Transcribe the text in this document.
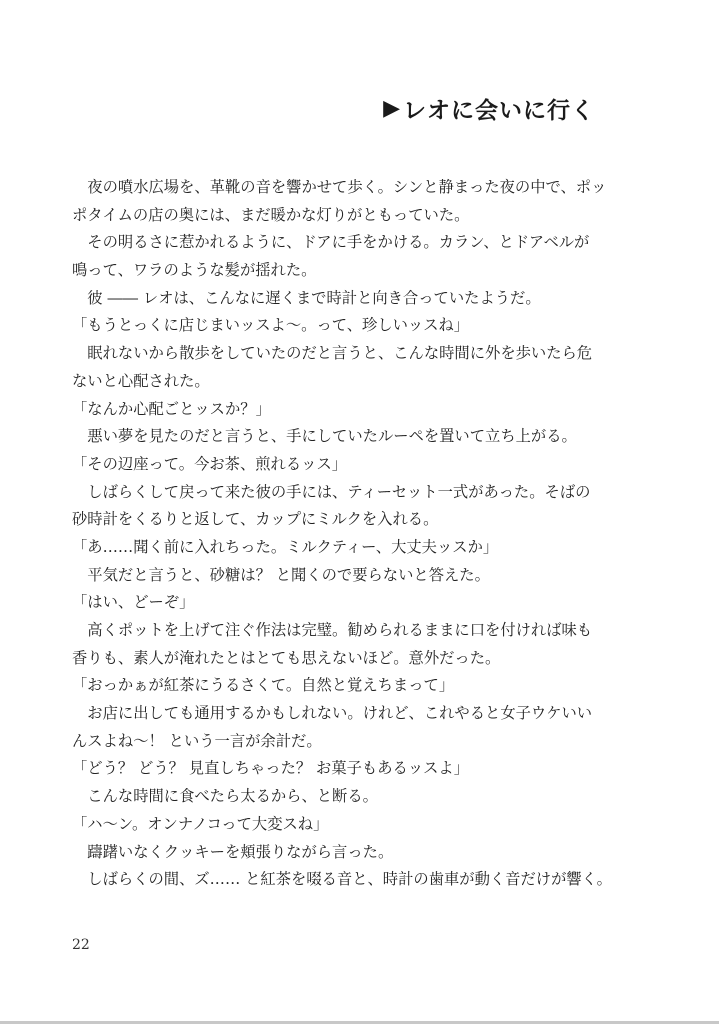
▶ レオに会いに行く
　夜の噴水広場を、革靴の音を響かせて歩く。シンと静まった夜の中で、ポッ
ポタイムの店の奥には、まだ暖かな灯りがともっていた。
　その明るさに惹かれるように、ドアに手をかける。カラン、とドアベルが
鳴って、ワラのような髪が揺れた。
　彼 ―― レオは、こんなに遅くまで時計と向き合っていたようだ。
「もうとっくに店じまいッスよ〜。って、珍しいッスね」
　眠れないから散歩をしていたのだと言うと、こんな時間に外を歩いたら危
ないと心配された。
「なんか心配ごとッスか？」
　悪い夢を見たのだと言うと、手にしていたルーペを置いて立ち上がる。
「その辺座って。今お茶、煎れるッス」
　しばらくして戻って来た彼の手には、ティーセット一式があった。そばの
砂時計をくるりと返して、カップにミルクを入れる。
「あ……聞く前に入れちった。ミルクティー、大丈夫ッスか」
　平気だと言うと、砂糖は？ と聞くので要らないと答えた。
「はい、どーぞ」
　高くポットを上げて注ぐ作法は完璧。勧められるままに口を付ければ味も
香りも、素人が淹れたとはとても思えないほど。意外だった。
「おっかぁが紅茶にうるさくて。自然と覚えちまって」
　お店に出しても通用するかもしれない。けれど、これやると女子ウケいい
んスよね〜！ という一言が余計だ。
「どう？ どう？ 見直しちゃった？ お菓子もあるッスよ」
　こんな時間に食べたら太るから、と断る。
「ハ〜ン。オンナノコって大変スね」
　躊躇いなくクッキーを頬張りながら言った。
　しばらくの間、ズ…… と紅茶を啜る音と、時計の歯車が動く音だけが響く。
22
